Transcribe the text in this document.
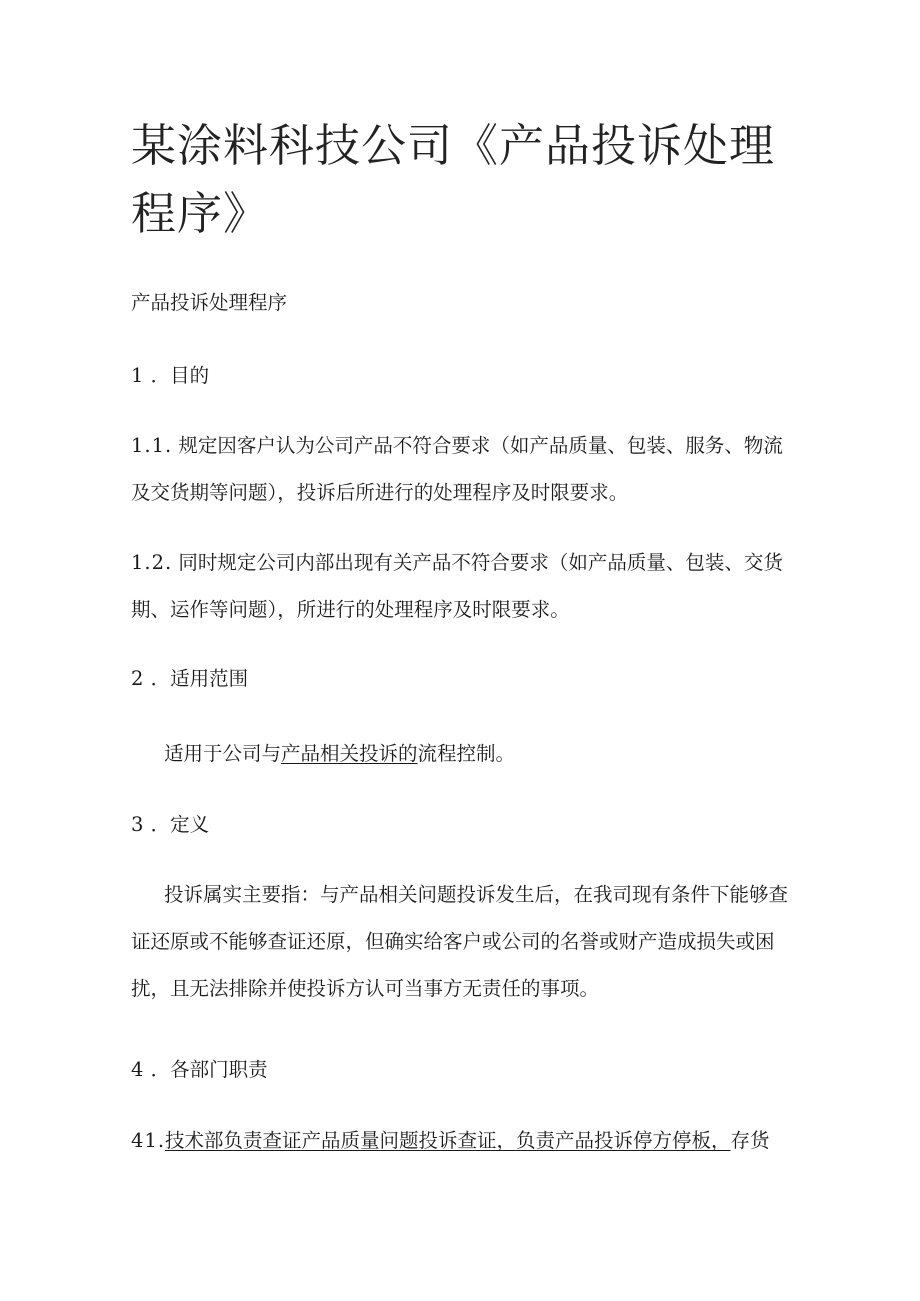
某涂料科技公司《产品投诉处理程序》
产品投诉处理程序
1 ．目的
1.1. 规定因客户认为公司产品不符合要求（如产品质量、包装、服务、物流及交货期等问题），投诉后所进行的处理程序及时限要求。
1.2. 同时规定公司内部出现有关产品不符合要求（如产品质量、包装、交货期、运作等问题），所进行的处理程序及时限要求。
2 ．适用范围
适用于公司与产品相关投诉的流程控制。
3 ．定义
投诉属实主要指：与产品相关问题投诉发生后，在我司现有条件下能够查证还原或不能够查证还原，但确实给客户或公司的名誉或财产造成损失或困扰，且无法排除并使投诉方认可当事方无责任的事项。
4 ．各部门职责
41.技术部负责查证产品质量问题投诉查证，负责产品投诉停方停板，存货
